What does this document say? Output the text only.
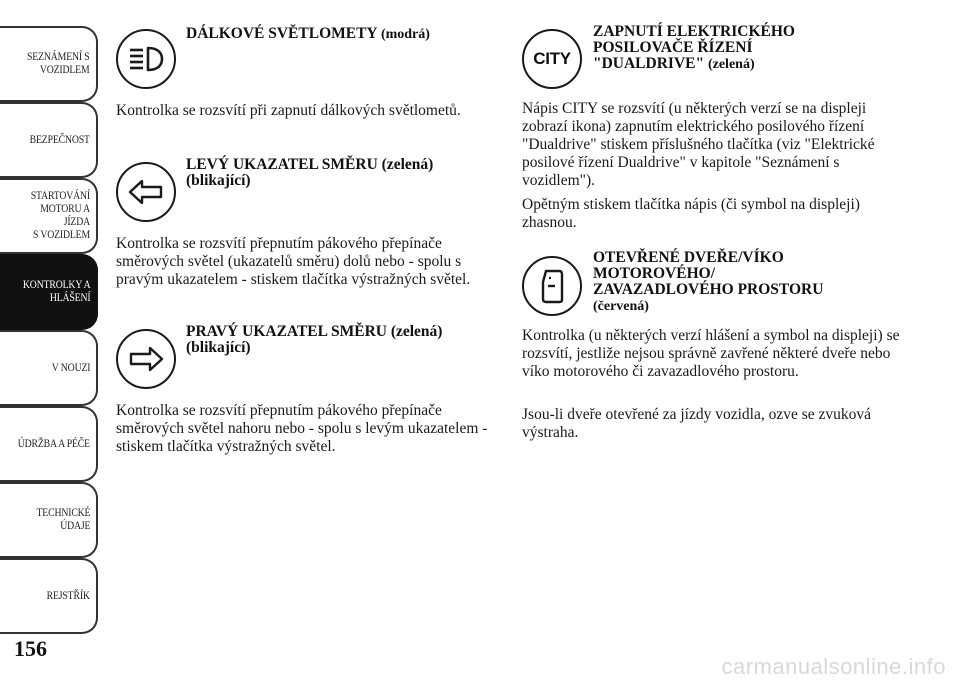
SEZNÁMENÍ S
VOZIDLEM
BEZPEČNOST
STARTOVÁNÍ
MOTORU A JÍZDA
S VOZIDLEM
KONTROLKY A
HLÁŠENÍ
V NOUZI
ÚDRŽBA A PÉČE
TECHNICKÉ
ÚDAJE
REJSTŘÍK
156
DÁLKOVÉ SVĚTLOMETY (modrá)

Kontrolka se rozsvítí při zapnutí dálkových světlometů.

LEVÝ UKAZATEL SMĚRU (zelená)
(blikající)

Kontrolka se rozsvítí přepnutím pákového přepínače směrových světel (ukazatelů směru) dolů nebo - spolu s pravým ukazatelem - stiskem tlačítka výstražných světel.

PRAVÝ UKAZATEL SMĚRU (zelená)
(blikající)

Kontrolka se rozsvítí přepnutím pákového přepínače směrových světel nahoru nebo - spolu s levým ukazatelem - stiskem tlačítka výstražných světel.

CITY
ZAPNUTÍ ELEKTRICKÉHO
POSILOVAČE ŘÍZENÍ
"DUALDRIVE" (zelená)

Nápis CITY se rozsvítí (u některých verzí se na displeji zobrazí ikona) zapnutím elektrického posilového řízení "Dualdrive" stiskem příslušného tlačítka (viz "Elektrické posilové řízení Dualdrive" v kapitole "Seznámení s vozidlem").

Opětným stiskem tlačítka nápis (či symbol na displeji) zhasnou.

OTEVŘENÉ DVEŘE/VÍKO
MOTOROVÉHO/
ZAVAZADLOVÉHO PROSTORU
(červená)

Kontrolka (u některých verzí hlášení a symbol na displeji) se rozsvítí, jestliže nejsou správně zavřené některé dveře nebo víko motorového či zavazadlového prostoru.

Jsou-li dveře otevřené za jízdy vozidla, ozve se zvuková výstraha.

carmanualsonline.info
